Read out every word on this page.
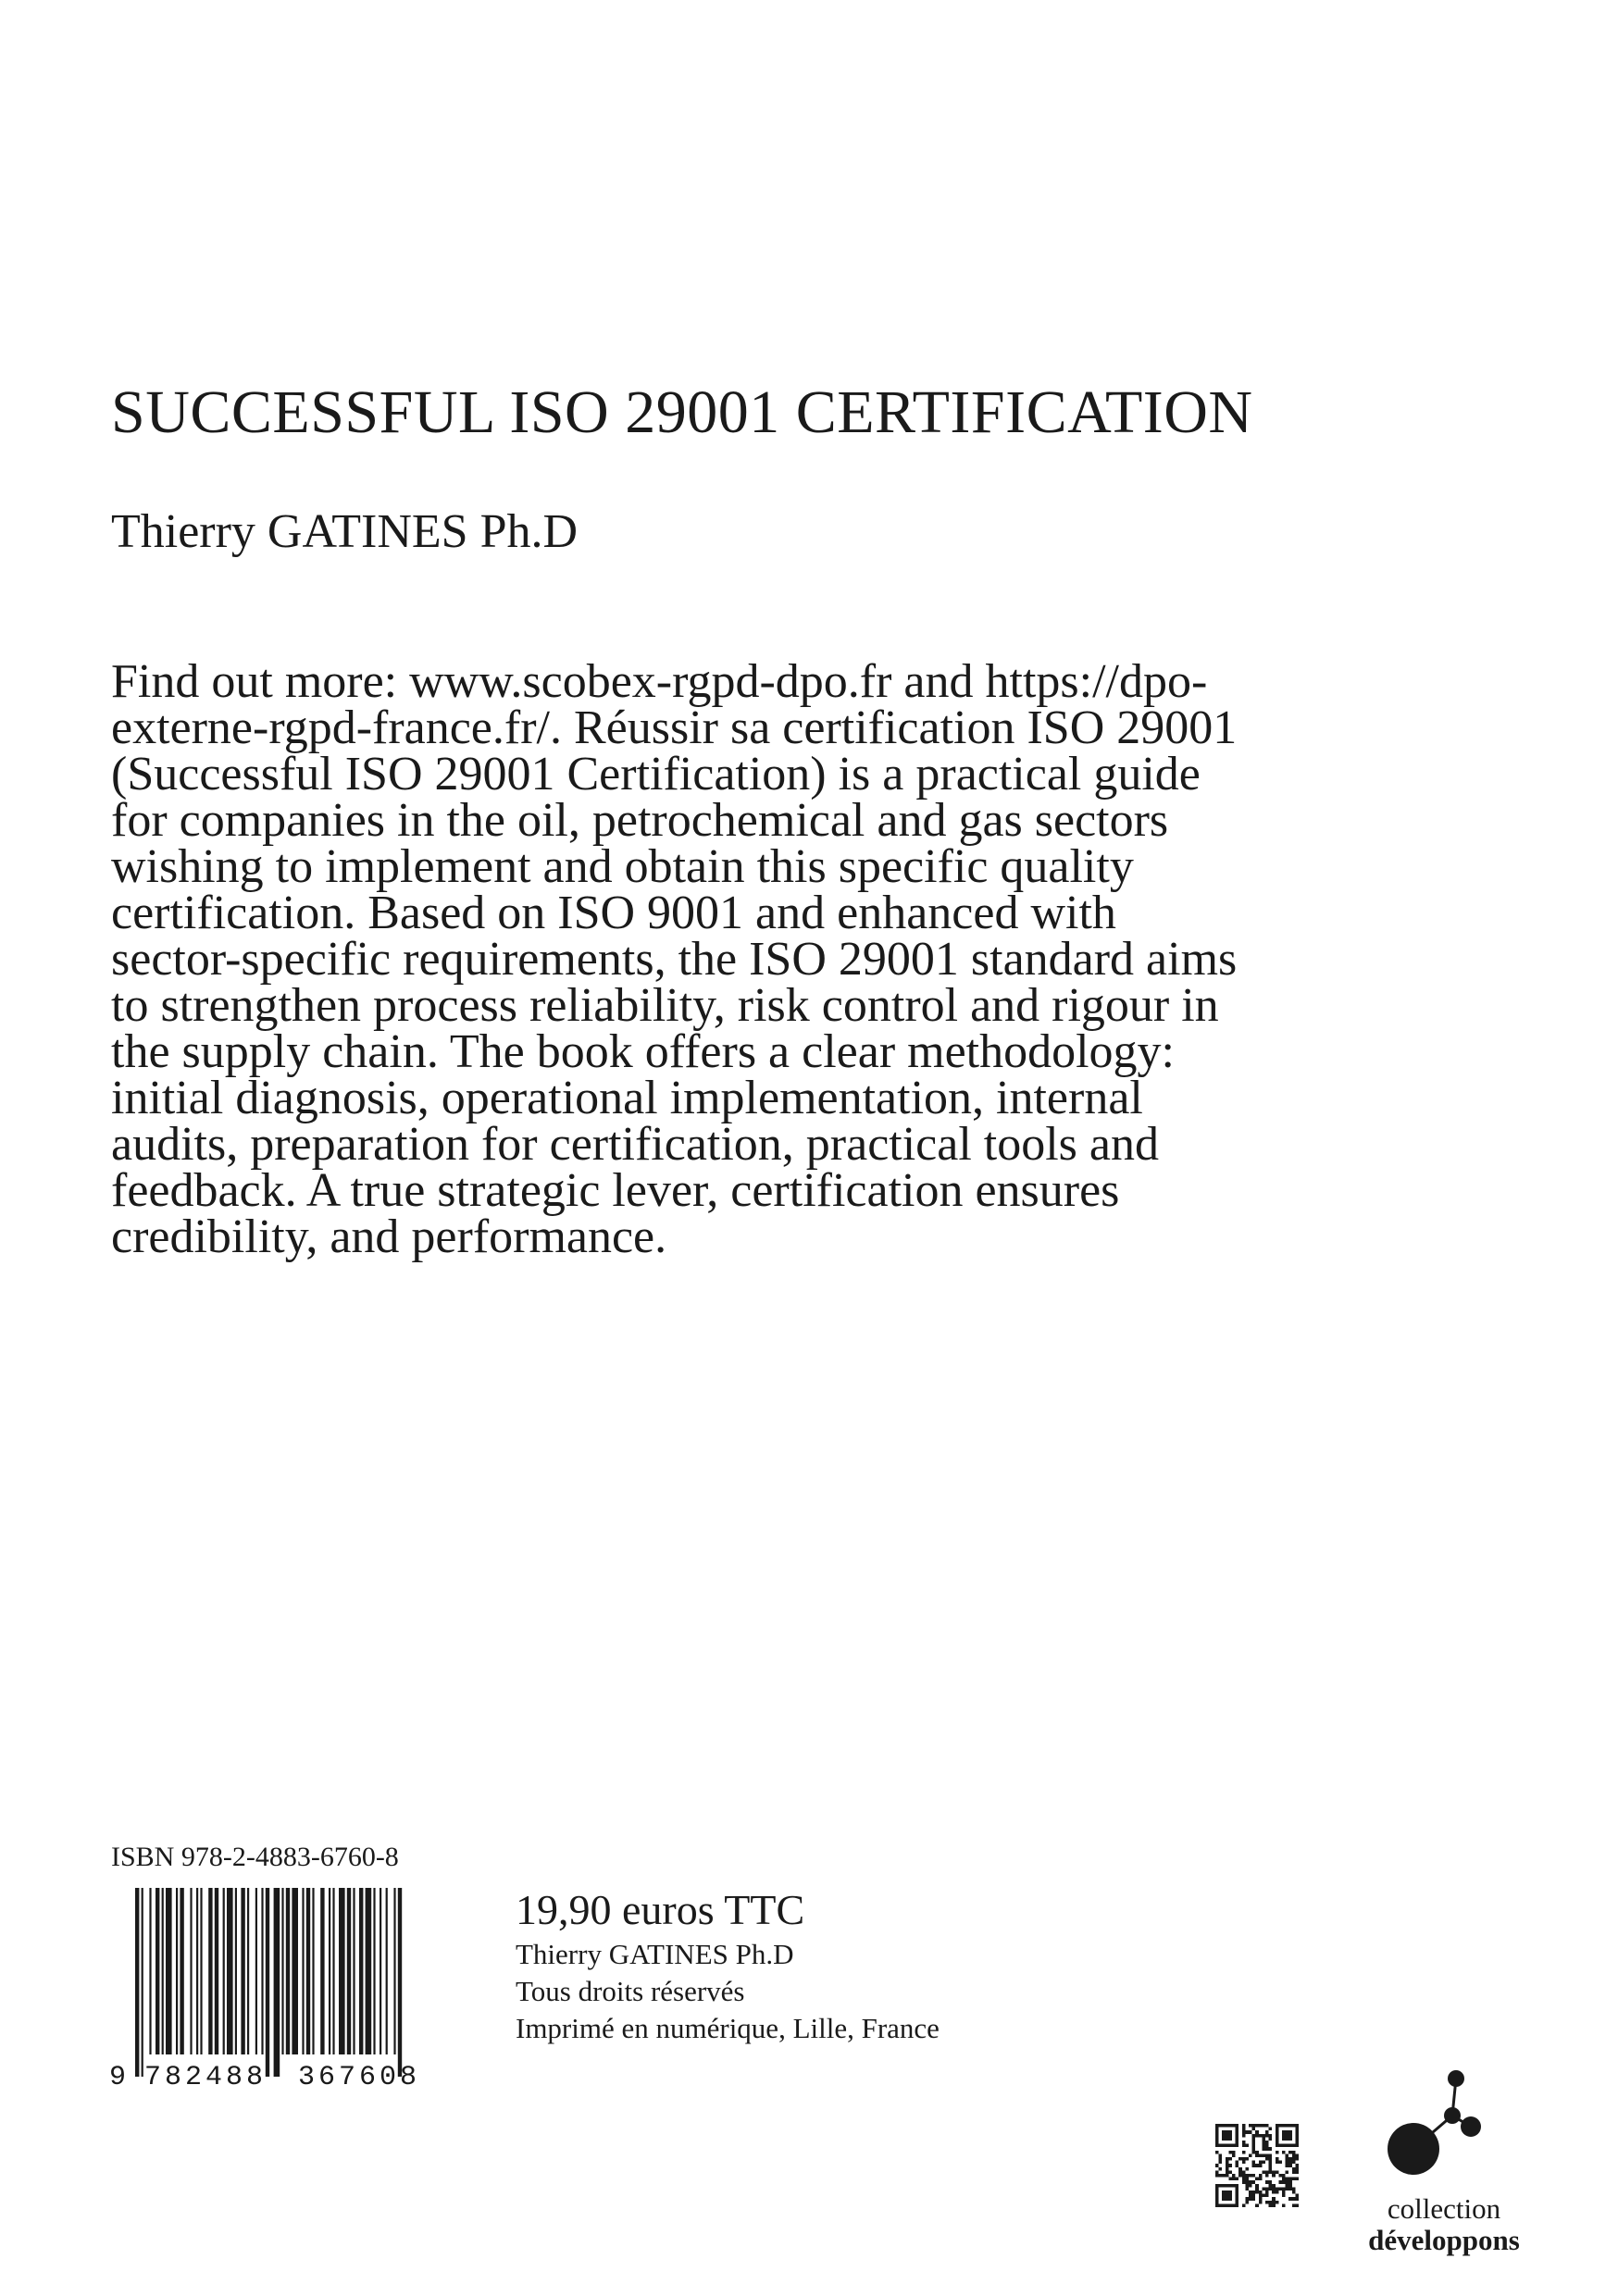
SUCCESSFUL ISO 29001 CERTIFICATION
Thierry GATINES Ph.D

Find out more: www.scobex-rgpd-dpo.fr and https://dpo-externe-rgpd-france.fr/. Réussir sa certification ISO 29001 (Successful ISO 29001 Certification) is a practical guide for companies in the oil, petrochemical and gas sectors wishing to implement and obtain this specific quality certification. Based on ISO 9001 and enhanced with sector-specific requirements, the ISO 29001 standard aims to strengthen process reliability, risk control and rigour in the supply chain. The book offers a clear methodology: initial diagnosis, operational implementation, internal audits, preparation for certification, practical tools and feedback. A true strategic lever, certification ensures credibility, and performance.

ISBN 978-2-4883-6760-8
9 782488 367608
19,90 euros TTC
Thierry GATINES Ph.D
Tous droits réservés
Imprimé en numérique, Lille, France
collection
développons
